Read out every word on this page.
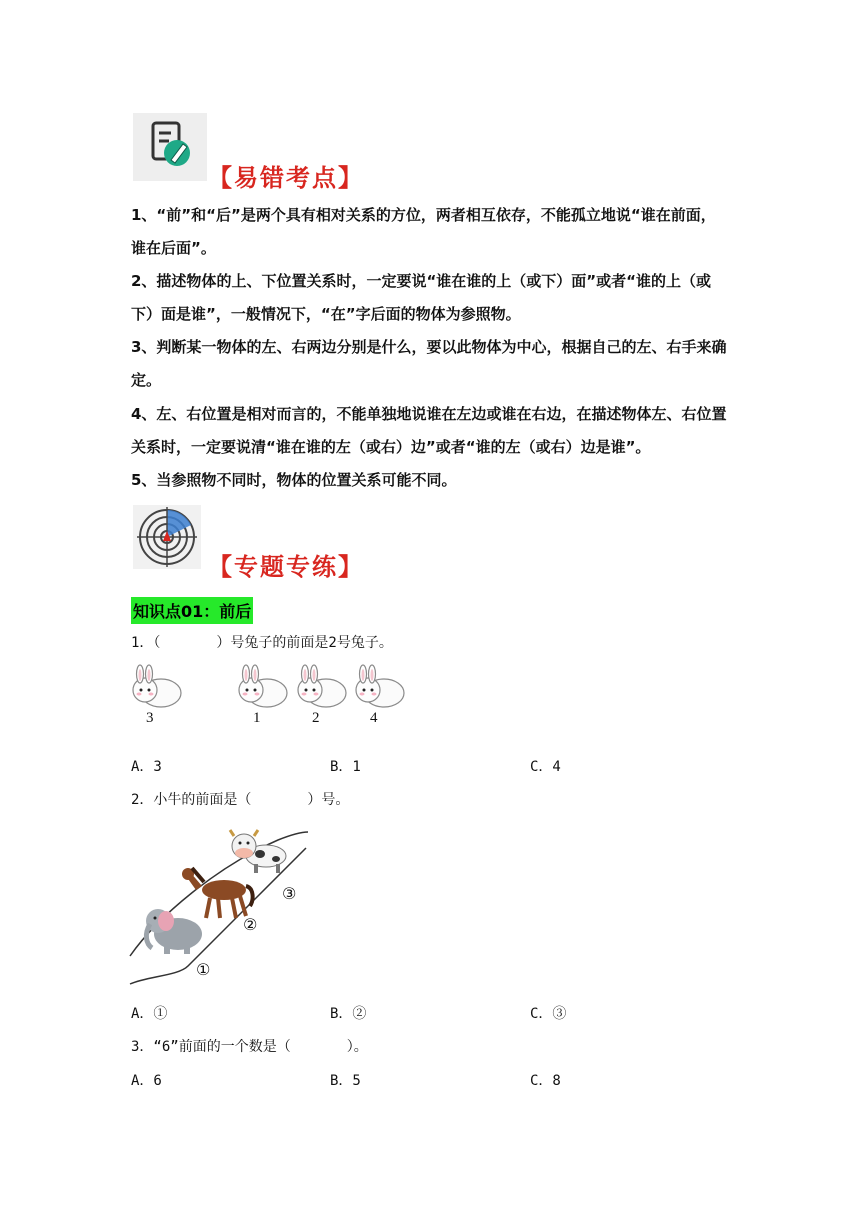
【易错考点】
1、“前”和“后”是两个具有相对关系的方位，两者相互依存，不能孤立地说“谁在前面，
谁在后面”。
2、描述物体的上、下位置关系时，一定要说“谁在谁的上（或下）面”或者“谁的上（或
下）面是谁”，一般情况下，“在”字后面的物体为参照物。
3、判断某一物体的左、右两边分别是什么，要以此物体为中心，根据自己的左、右手来确
定。
4、左、右位置是相对而言的，不能单独地说谁在左边或谁在右边，在描述物体左、右位置
关系时，一定要说清“谁在谁的左（或右）边”或者“谁的左（或右）边是谁”。
5、当参照物不同时，物体的位置关系可能不同。
【专题专练】
知识点01：前后
1．（　　　　）号兔子的前面是2号兔子。
3	1	2	4
A．3	B．1	C．4
2．小牛的前面是（　　　　）号。
①
②
③
A．①	B．②	C．③
3．“6”前面的一个数是（　　　　）。
A．6	B．5	C．8
